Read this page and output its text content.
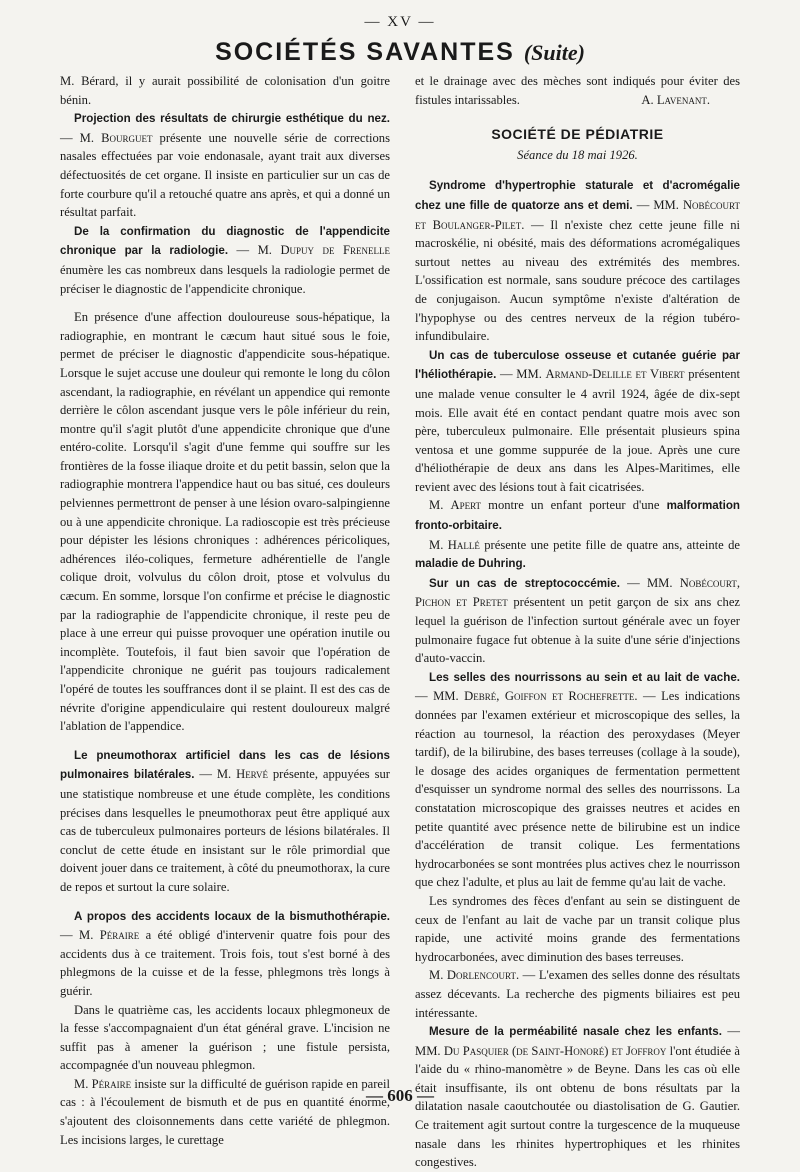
— XV —
SOCIÉTÉS SAVANTES (Suite)

M. Bérard, il y aurait possibilité de colonisation d'un goitre bénin.

Projection des résultats de chirurgie esthétique du nez. — M. Bourguet présente une nouvelle série de corrections nasales effectuées par voie endonasale, ayant trait aux diverses défectuosités de cet organe. Il insiste en particulier sur un cas de forte courbure qu'il a retouché quatre ans après, et qui a donné un résultat parfait.

De la confirmation du diagnostic de l'appendicite chronique par la radiologie. — M. Dupuy de Frenelle énumère les cas nombreux dans lesquels la radiologie permet de préciser le diagnostic de l'appendicite chronique.

En présence d'une affection douloureuse sous-hépatique, la radiographie, en montrant le cæcum haut situé sous le foie, permet de préciser le diagnostic d'appendicite sous-hépatique. Lorsque le sujet accuse une douleur qui remonte le long du côlon ascendant, la radiographie, en révélant un appendice qui remonte derrière le côlon ascendant jusque vers le pôle inférieur du rein, montre qu'il s'agit plutôt d'une appendicite chronique que d'une entéro-colite. Lorsqu'il s'agit d'une femme qui souffre sur les frontières de la fosse iliaque droite et du petit bassin, selon que la radiographie montrera l'appendice haut ou bas situé, ces douleurs pelviennes permettront de penser à une lésion ovaro-salpingienne ou à une appendicite chronique. La radioscopie est très précieuse pour dépister les lésions chroniques : adhérences péricoliques, adhérences iléo-coliques, fermeture adhérentielle de l'angle colique droit, volvulus du côlon droit, ptose et volvulus du cæcum. En somme, lorsque l'on confirme et précise le diagnostic par la radiographie de l'appendicite chronique, il reste peu de place à une erreur qui puisse provoquer une opération inutile ou incomplète. Toutefois, il faut bien savoir que l'opération de l'appendicite chronique ne guérit pas toujours radicalement l'opéré de toutes les souffrances dont il se plaint. Il est des cas de névrite d'origine appendiculaire qui restent douloureux malgré l'ablation de l'appendice.

Le pneumothorax artificiel dans les cas de lésions pulmonaires bilatérales. — M. Hervé présente, appuyées sur une statistique nombreuse et une étude complète, les conditions précises dans lesquelles le pneumothorax peut être appliqué aux cas de tuberculeux pulmonaires porteurs de lésions bilatérales. Il conclut de cette étude en insistant sur le rôle primordial que doivent jouer dans ce traitement, à côté du pneumothorax, la cure de repos et surtout la cure solaire.

A propos des accidents locaux de la bismuthothérapie. — M. Péraire a été obligé d'intervenir quatre fois pour des accidents dus à ce traitement. Trois fois, tout s'est borné à des phlegmons de la cuisse et de la fesse, phlegmons très longs à guérir.

Dans le quatrième cas, les accidents locaux phlegmoneux de la fesse s'accompagnaient d'un état général grave. L'incision ne suffit pas à amener la guérison ; une fistule persista, accompagnée d'un nouveau phlegmon.

M. Péraire insiste sur la difficulté de guérison rapide en pareil cas : à l'écoulement de bismuth et de pus en quantité énorme, s'ajoutent des cloisonnements dans cette variété de phlegmon. Les incisions larges, le curettage

et le drainage avec des mèches sont indiqués pour éviter des fistules intarissables.	A. Lavenant.

SOCIÉTÉ DE PÉDIATRIE
Séance du 18 mai 1926.

Syndrome d'hypertrophie staturale et d'acromégalie chez une fille de quatorze ans et demi. — MM. Nobécourt et Boulanger-Pilet. — Il n'existe chez cette jeune fille ni macroskélie, ni obésité, mais des déformations acromégaliques surtout nettes au niveau des extrémités des membres. L'ossification est normale, sans soudure précoce des cartilages de conjugaison. Aucun symptôme n'existe d'altération de l'hypophyse ou des centres nerveux de la région tubéro-infundibulaire.

Un cas de tuberculose osseuse et cutanée guérie par l'héliothérapie. — MM. Armand-Delille et Vibert présentent une malade venue consulter le 4 avril 1924, âgée de dix-sept mois. Elle avait été en contact pendant quatre mois avec son père, tuberculeux pulmonaire. Elle présentait plusieurs spina ventosa et une gomme suppurée de la joue. Après une cure d'héliothérapie de deux ans dans les Alpes-Maritimes, elle revient avec des lésions tout à fait cicatrisées.

M. Apert montre un enfant porteur d'une malformation fronto-orbitaire.

M. Hallé présente une petite fille de quatre ans, atteinte de maladie de Duhring.

Sur un cas de streptococcémie. — MM. Nobécourt, Pichon et Pretet présentent un petit garçon de six ans chez lequel la guérison de l'infection surtout générale avec un foyer pulmonaire fugace fut obtenue à la suite d'une série d'injections d'auto-vaccin.

Les selles des nourrissons au sein et au lait de vache. — MM. Debré, Goiffon et Rochefrette. — Les indications données par l'examen extérieur et microscopique des selles, la réaction au tournesol, la réaction des peroxydases (Meyer tardif), de la bilirubine, des bases terreuses (collage à la soude), le dosage des acides organiques de fermentation permettent d'esquisser un syndrome normal des selles des nourrissons. La constatation microscopique des graisses neutres et acides en petite quantité avec présence nette de bilirubine est un indice d'accélération de transit colique. Les fermentations hydrocarbonées se sont montrées plus actives chez le nourrisson que chez l'adulte, et plus au lait de femme qu'au lait de vache.

Les syndromes des fèces d'enfant au sein se distinguent de ceux de l'enfant au lait de vache par un transit colique plus rapide, une activité moins grande des fermentations hydrocarbonées, avec diminution des bases terreuses.

M. Dorlencourt. — L'examen des selles donne des résultats assez décevants. La recherche des pigments biliaires est peu intéressante.

Mesure de la perméabilité nasale chez les enfants. — MM. Du Pasquier (de Saint-Honoré) et Joffroy l'ont étudiée à l'aide du « rhino-manomètre » de Beyne. Dans les cas où elle était insuffisante, ils ont obtenu de bons résultats par la dilatation nasale caoutchoutée ou diastolisation de G. Gautier. Ce traitement agit surtout contre la turgescence de la muqueuse nasale dans les rhinites hypertrophiques et les rhinites congestives.

— 606 —
